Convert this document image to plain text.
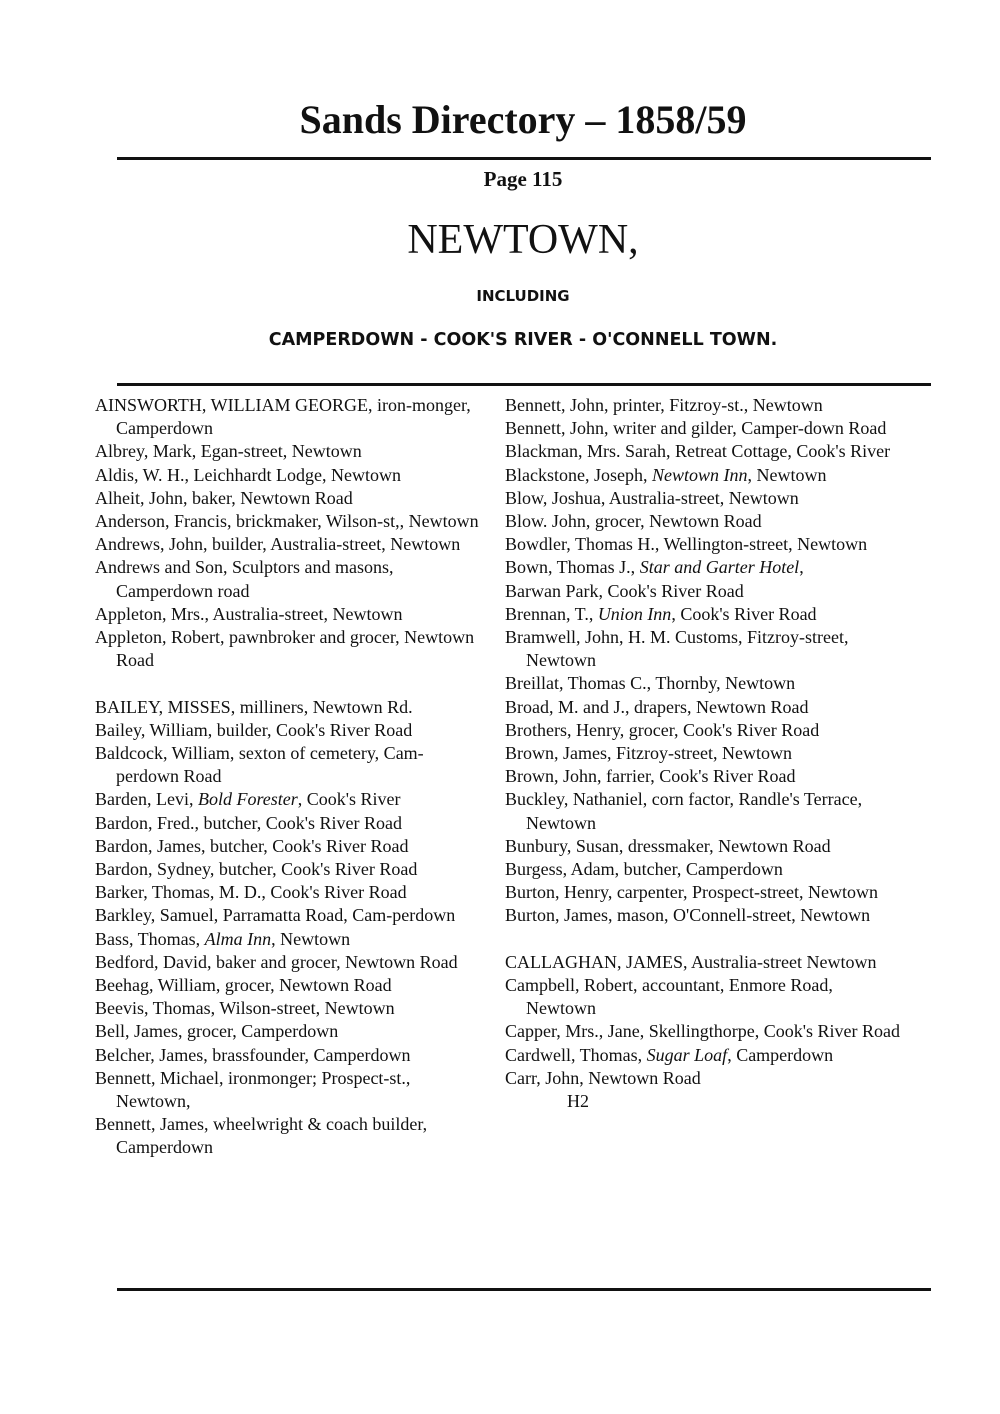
Sands Directory – 1858/59
Page 115
NEWTOWN,
INCLUDING
CAMPERDOWN - COOK'S RIVER - O'CONNELL TOWN.

AINSWORTH, WILLIAM GEORGE, iron-monger, Camperdown

Albrey, Mark, Egan-street, Newtown

Aldis, W. H., Leichhardt Lodge, Newtown

Alheit, John, baker, Newtown Road

Anderson, Francis, brickmaker, Wilson-st,, Newtown

Andrews, John, builder, Australia-street, Newtown

Andrews and Son, Sculptors and masons, Camperdown road

Appleton, Mrs., Australia-street, Newtown

Appleton, Robert, pawnbroker and grocer, Newtown Road

BAILEY, MISSES, milliners, Newtown Rd.

Bailey, William, builder, Cook's River Road

Baldcock, William, sexton of cemetery, Cam-perdown Road

Barden, Levi, Bold Forester, Cook's River

Bardon, Fred., butcher, Cook's River Road

Bardon, James, butcher, Cook's River Road

Bardon, Sydney, butcher, Cook's River Road

Barker, Thomas, M. D., Cook's River Road

Barkley, Samuel, Parramatta Road, Cam-perdown

Bass, Thomas, Alma Inn, Newtown

Bedford, David, baker and grocer, Newtown Road

Beehag, William, grocer, Newtown Road

Beevis, Thomas, Wilson-street, Newtown

Bell, James, grocer, Camperdown

Belcher, James, brassfounder, Camperdown

Bennett, Michael, ironmonger; Prospect-st., Newtown,

Bennett, James, wheelwright & coach builder, Camperdown

Bennett, John, printer, Fitzroy-st., Newtown

Bennett, John, writer and gilder, Camper-down Road

Blackman, Mrs. Sarah, Retreat Cottage, Cook's River

Blackstone, Joseph, Newtown Inn, Newtown

Blow, Joshua, Australia-street, Newtown

Blow. John, grocer, Newtown Road

Bowdler, Thomas H., Wellington-street, Newtown

Bown, Thomas J., Star and Garter Hotel,

Barwan Park, Cook's River Road

Brennan, T., Union Inn, Cook's River Road

Bramwell, John, H. M. Customs, Fitzroy-street, Newtown

Breillat, Thomas C., Thornby, Newtown

Broad, M. and J., drapers, Newtown Road

Brothers, Henry, grocer, Cook's River Road

Brown, James, Fitzroy-street, Newtown

Brown, John, farrier, Cook's River Road

Buckley, Nathaniel, corn factor, Randle's Terrace, Newtown

Bunbury, Susan, dressmaker, Newtown Road

Burgess, Adam, butcher, Camperdown

Burton, Henry, carpenter, Prospect-street, Newtown

Burton, James, mason, O'Connell-street, Newtown

CALLAGHAN, JAMES, Australia-street Newtown

Campbell, Robert, accountant, Enmore Road, Newtown

Capper, Mrs., Jane, Skellingthorpe, Cook's River Road

Cardwell, Thomas, Sugar Loaf, Camperdown

Carr, John, Newtown Road

H2
